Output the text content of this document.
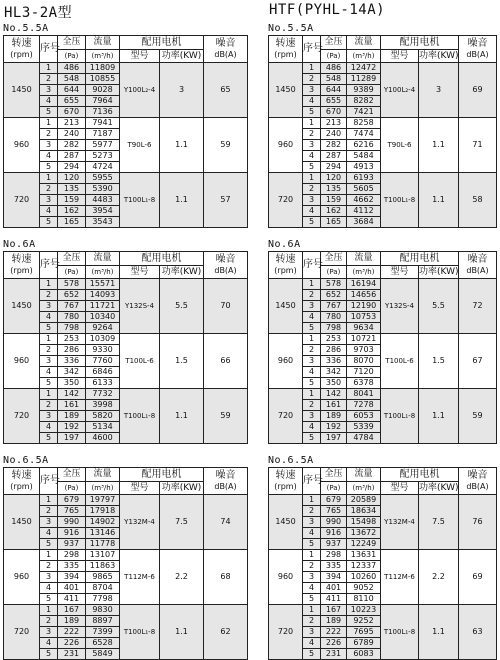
HL3-2A型	HTF(PYHL-14A)
No.5.5A
转速
(rpm)	序号	全压	流量	配用电机		噪音
dB(A)

		(Pa)	(m³/h)	型号	功率(KW)	
1450	1	486	11809	Y100L₂-4	3	65
	2	548	10855			
	3	644	9028			
	4	655	7964			
	5	670	7136			
960	1	213	7941	T90L-6	1.1	59
	2	240	7187			
	3	282	5977			
	4	287	5273			
	5	294	4724			
720	1	120	5955	T100L₁-8	1.1	57
	2	135	5390			
	3	159	4483			
	4	162	3954			
	5	165	3543			
No.6A
转速
(rpm)	序号	全压	流量	配用电机		噪音
dB(A)

		(Pa)	(m³/h)	型号	功率(KW)	
1450	1	578	15571	Y132S-4	5.5	70
	2	652	14093			
	3	767	11721			
	4	780	10340			
	5	798	9264			
960	1	253	10309	T100L-6	1.5	66
	2	286	9330			
	3	336	7760			
	4	342	6846			
	5	350	6133			
720	1	142	7732	T100L₁-8	1.1	59
	2	161	3998			
	3	189	5820			
	4	192	5134			
	5	197	4600			
No.6.5A
转速
(rpm)	序号	全压	流量	配用电机		噪音
dB(A)

		(Pa)	(m³/h)	型号	功率(KW)	
1450	1	679	19797	Y132M-4	7.5	74
	2	765	17918			
	3	990	14902			
	4	916	13146			
	5	937	11778			
960	1	298	13107	T112M-6	2.2	68
	2	335	11863			
	3	394	9865			
	4	401	8704			
	5	411	7798			
720	1	167	9830	T100L₁-8	1.1	62
	2	189	8897			
	3	222	7399			
	4	226	6528			
	5	231	5849			
No.5.5A
转速
(rpm)	序号	全压	流量	配用电机		噪音
dB(A)

		(Pa)	(m³/h)	型号	功率(KW)	
1450	1	486	12472	Y100L₂-4	3	69
	2	548	11289			
	3	644	9389			
	4	655	8282			
	5	670	7421			
960	1	213	8258	T90L-6	1.1	71
	2	240	7474			
	3	282	6216			
	4	287	5484			
	5	294	4913			
720	1	120	6193	T100L₁-8	1.1	58
	2	135	5605			
	3	159	4662			
	4	162	4112			
	5	165	3684			
No.6A
转速
(rpm)	序号	全压	流量	配用电机		噪音
dB(A)

		(Pa)	(m³/h)	型号	功率(KW)	
1450	1	578	16194	Y132S-4	5.5	72
	2	652	14656			
	3	767	12190			
	4	780	10753			
	5	798	9634			
960	1	253	10721	T100L-6	1.5	67
	2	286	9703			
	3	336	8070			
	4	342	7120			
	5	350	6378			
720	1	142	8041	T100L₁-8	1.1	59
	2	161	7278			
	3	189	6053			
	4	192	5339			
	5	197	4784			
No.6.5A
转速
(rpm)	序号	全压	流量	配用电机		噪音
dB(A)

		(Pa)	(m³/h)	型号	功率(KW)	
1450	1	679	20589	Y132M-4	7.5	76
	2	765	18634			
	3	990	15498			
	4	916	13672			
	5	937	12249			
960	1	298	13631	T112M-6	2.2	69
	2	335	12337			
	3	394	10260			
	4	401	9052			
	5	411	8110			
720	1	167	10223	T100L₁-8	1.1	63
	2	189	9252			
	3	222	7695			
	4	226	6789			
	5	231	6083			
